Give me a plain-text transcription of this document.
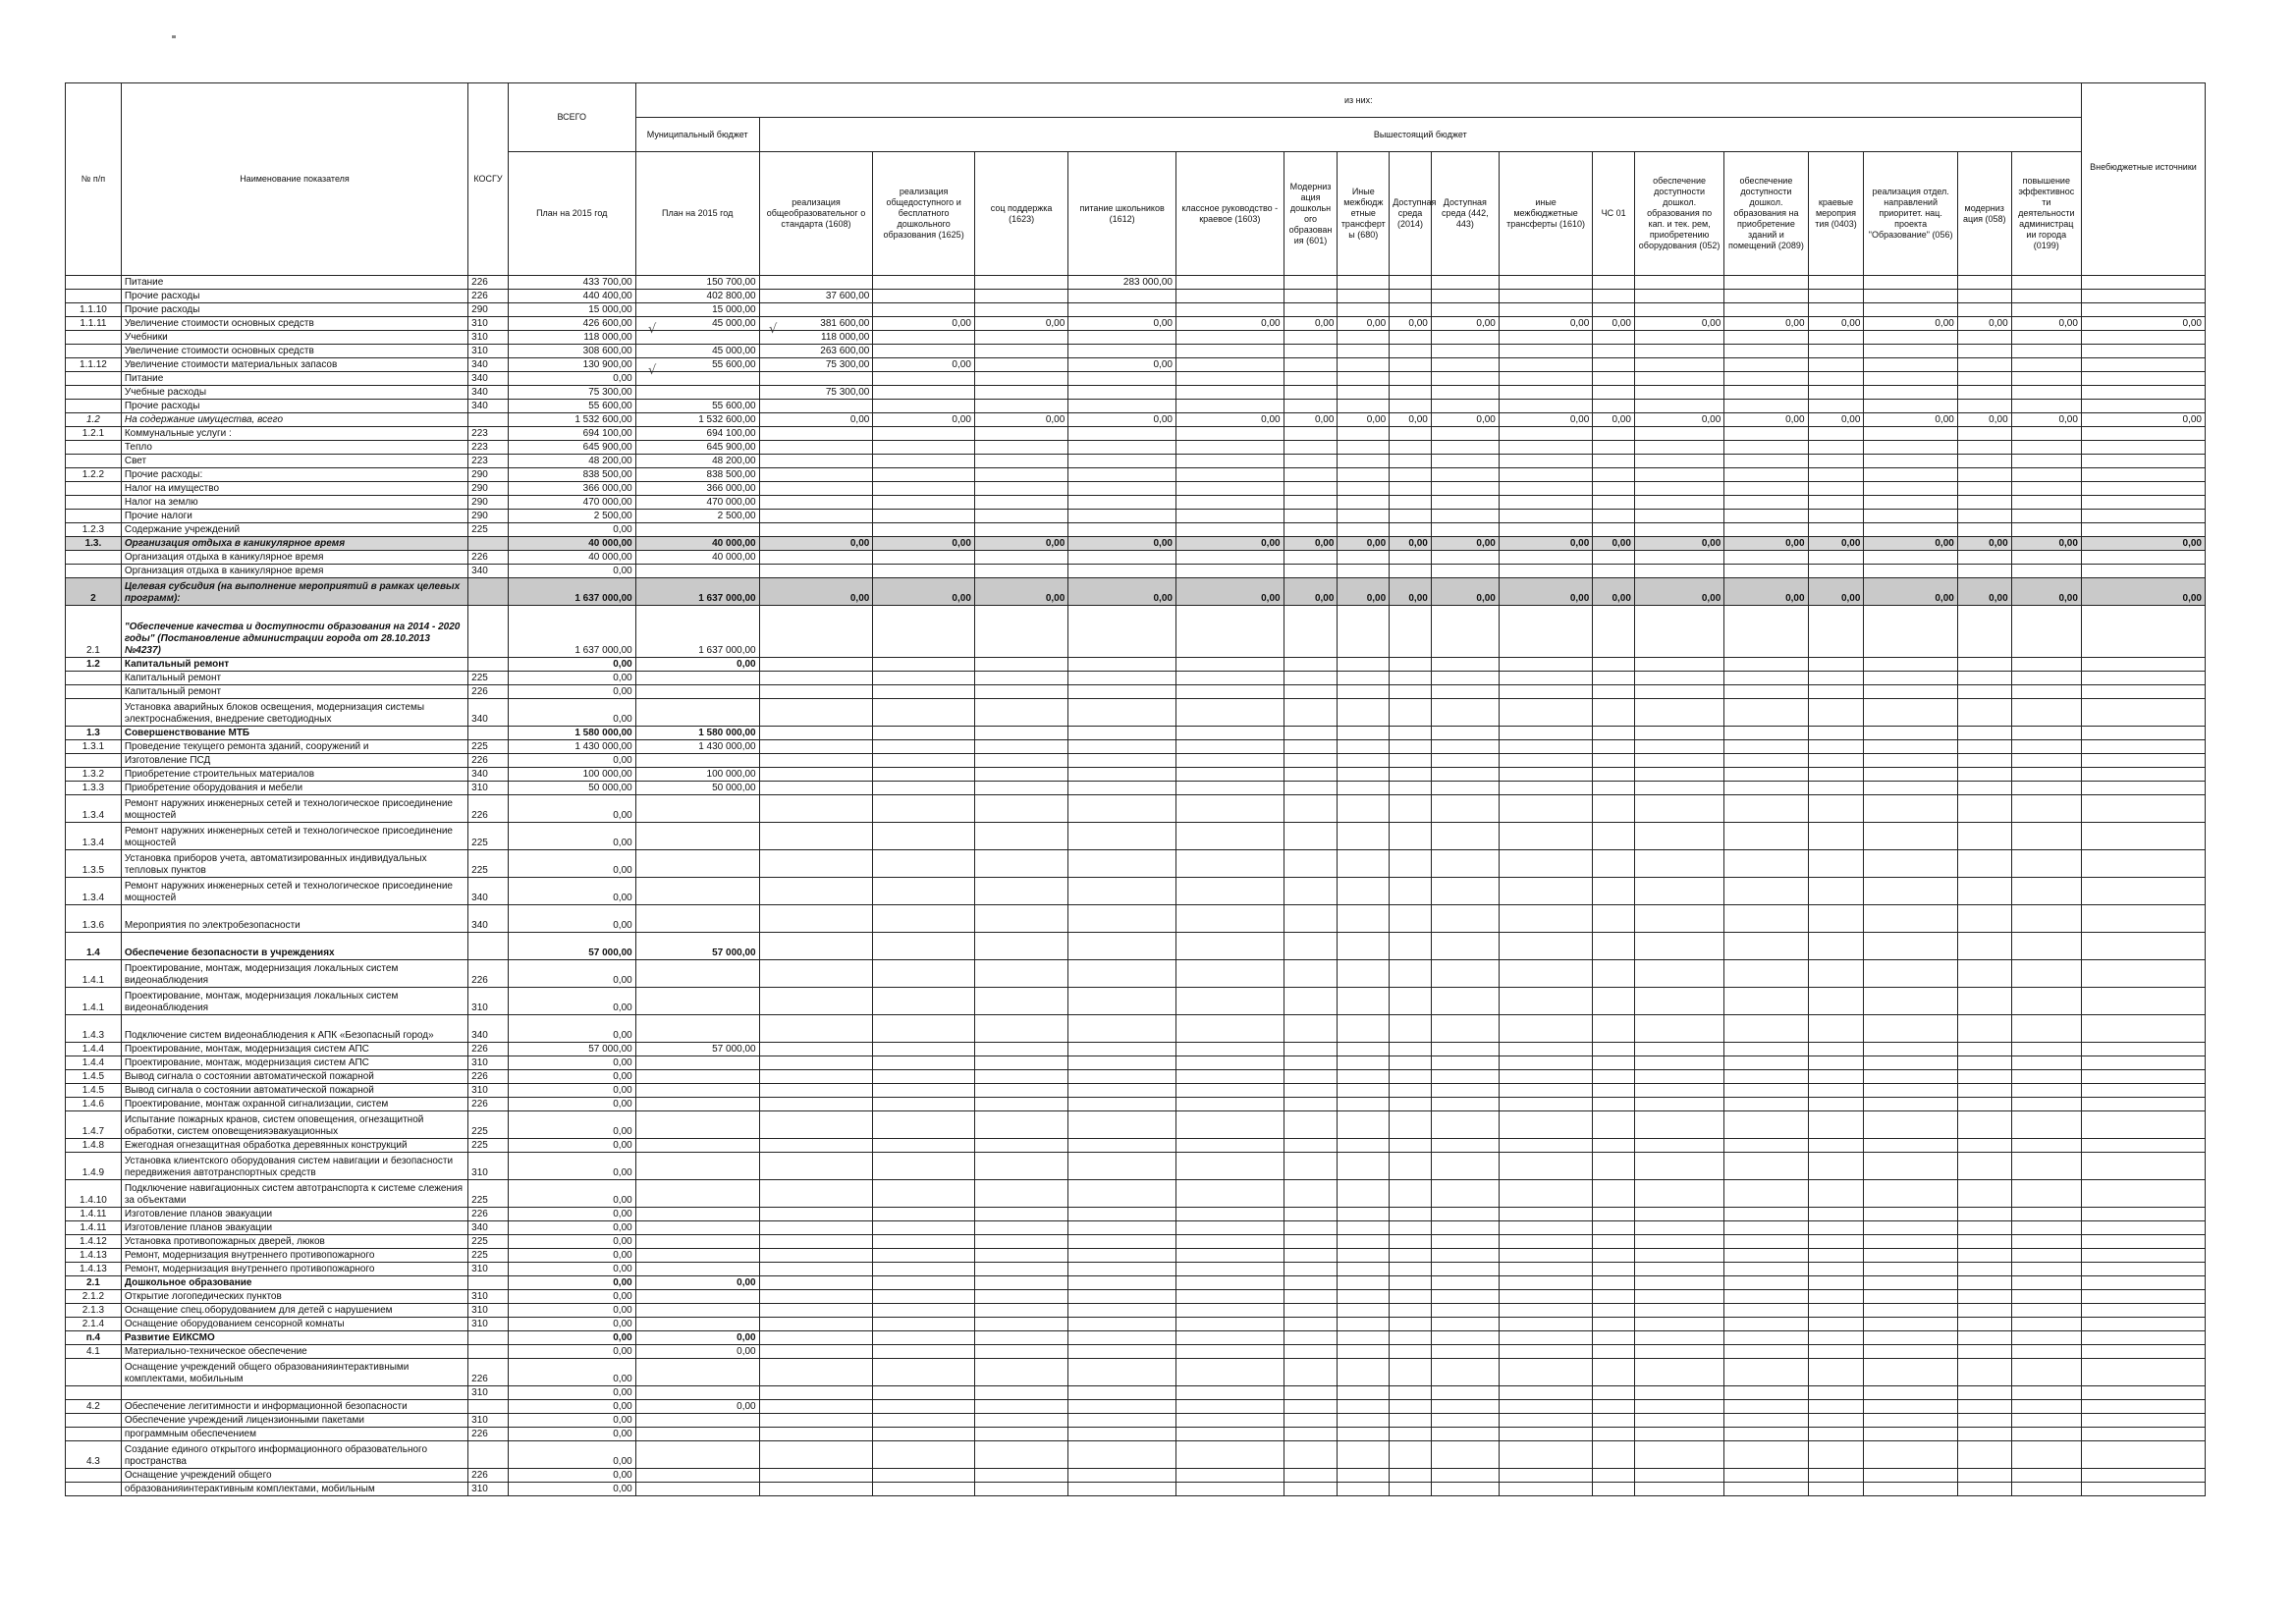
√
√
√
№ п/п	Наименование показателя	КОСГУ	ВСЕГО	из них:																		Внебюджетные источники
				Муниципальный бюджет	Вышестоящий бюджет																	
			План на 2015 год	План на 2015 год	реализация общеобразовательног о стандарта (1608)	реализация общедоступного и бесплатного дошкольного образования (1625)	соц поддержка (1623)	питание школьников (1612)	классное руководство - краевое (1603)	Модерниз ация дошкольн ого образован ия (601)	Иные межбюдж етные трансферт ы (680)	Доступная среда (2014)	Доступная среда (442, 443)	иные межбюджетные трансферты (1610)	ЧС 01	обеспечение доступности дошкол. образования по кап. и тек. рем, приобретению оборудования (052)	обеспечение доступности дошкол. образования на приобретение зданий и помещений (2089)	краевые мероприя тия (0403)	реализация отдел. направлений приоритет. нац. проекта "Образование" (056)	модерниз ация (058)	повышение эффективнос ти деятельности администрац ии города (0199)	
	Питание	226	433 700,00	150 700,00				283 000,00														
	Прочие расходы	226	440 400,00	402 800,00	37 600,00																	
1.1.10	Прочие расходы	290	15 000,00	15 000,00																		
1.1.11	Увеличение стоимости основных средств	310	426 600,00	45 000,00	381 600,00	0,00	0,00	0,00	0,00	0,00	0,00	0,00	0,00	0,00	0,00	0,00	0,00	0,00	0,00	0,00	0,00	0,00
	Учебники	310	118 000,00		118 000,00																	
	Увеличение стоимости основных средств	310	308 600,00	45 000,00	263 600,00																	
1.1.12	Увеличение стоимости материальных запасов	340	130 900,00	55 600,00	75 300,00	0,00		0,00														
	Питание	340	0,00																			
	Учебные расходы	340	75 300,00		75 300,00																	
	Прочие расходы	340	55 600,00	55 600,00																		
1.2	На содержание имущества, всего		1 532 600,00	1 532 600,00	0,00	0,00	0,00	0,00	0,00	0,00	0,00	0,00	0,00	0,00	0,00	0,00	0,00	0,00	0,00	0,00	0,00	0,00
1.2.1	Коммунальные услуги :	223	694 100,00	694 100,00																		
	Тепло	223	645 900,00	645 900,00																		
	Свет	223	48 200,00	48 200,00																		
1.2.2	Прочие расходы:	290	838 500,00	838 500,00																		
	Налог на имущество	290	366 000,00	366 000,00																		
	Налог на землю	290	470 000,00	470 000,00																		
	Прочие налоги	290	2 500,00	2 500,00																		
1.2.3	Содержание учреждений	225	0,00																			
1.3.	Организация отдыха в каникулярное время		40 000,00	40 000,00	0,00	0,00	0,00	0,00	0,00	0,00	0,00	0,00	0,00	0,00	0,00	0,00	0,00	0,00	0,00	0,00	0,00	0,00
	Организация отдыха в каникулярное время	226	40 000,00	40 000,00																		
	Организация отдыха в каникулярное время	340	0,00																			
2	Целевая субсидия (на выполнение мероприятий в рамках целевых программ):		1 637 000,00	1 637 000,00	0,00	0,00	0,00	0,00	0,00	0,00	0,00	0,00	0,00	0,00	0,00	0,00	0,00	0,00	0,00	0,00	0,00	0,00
2.1	"Обеспечение качества и доступности образования на 2014 - 2020 годы" (Постановление администрации города от 28.10.2013 №4237)		1 637 000,00	1 637 000,00																		
1.2	Капитальный ремонт		0,00	0,00																		
	Капитальный ремонт	225	0,00																			
	Капитальный ремонт	226	0,00																			
	Установка аварийных блоков освещения, модернизация системы электроснабжения, внедрение светодиодных	340	0,00																			
1.3	Совершенствование МТБ		1 580 000,00	1 580 000,00																		
1.3.1	Проведение текущего ремонта зданий, сооружений и	225	1 430 000,00	1 430 000,00																		
	Изготовление ПСД	226	0,00																			
1.3.2	Приобретение строительных материалов	340	100 000,00	100 000,00																		
1.3.3	Приобретение оборудования и мебели	310	50 000,00	50 000,00																		
1.3.4	Ремонт наружних инженерных сетей и технологическое присоединение мощностей	226	0,00																			
1.3.4	Ремонт наружних инженерных сетей и технологическое присоединение мощностей	225	0,00																			
1.3.5	Установка приборов учета, автоматизированных индивидуальных тепловых пунктов	225	0,00																			
1.3.4	Ремонт наружних инженерных сетей и технологическое присоединение мощностей	340	0,00																			
1.3.6	Мероприятия по электробезопасности	340	0,00																			
1.4	Обеспечение безопасности в учреждениях		57 000,00	57 000,00																		
1.4.1	Проектирование, монтаж, модернизация локальных систем видеонаблюдения	226	0,00																			
1.4.1	Проектирование, монтаж, модернизация локальных систем видеонаблюдения	310	0,00																			
1.4.3	Подключение систем видеонаблюдения к АПК «Безопасный город»	340	0,00																			
1.4.4	Проектирование, монтаж, модернизация систем АПС	226	57 000,00	57 000,00																		
1.4.4	Проектирование, монтаж, модернизация систем АПС	310	0,00																			
1.4.5	Вывод сигнала о состоянии автоматической пожарной	226	0,00																			
1.4.5	Вывод сигнала о состоянии автоматической пожарной	310	0,00																			
1.4.6	Проектирование, монтаж охранной сигнализации, систем	226	0,00																			
1.4.7	Испытание пожарных кранов, систем оповещения, огнезащитной обработки, систем оповещенияэвакуационных	225	0,00																			
1.4.8	Ежегодная огнезащитная обработка деревянных конструкций	225	0,00																			
1.4.9	Установка клиентского оборудования систем навигации и безопасности передвижения автотранспортных средств	310	0,00																			
1.4.10	Подключение навигационных систем автотранспорта к системе слежения за объектами	225	0,00																			
1.4.11	Изготовление планов эвакуации	226	0,00																			
1.4.11	Изготовление планов эвакуации	340	0,00																			
1.4.12	Установка противопожарных дверей, люков	225	0,00																			
1.4.13	Ремонт, модернизация внутреннего противопожарного	225	0,00																			
1.4.13	Ремонт, модернизация внутреннего противопожарного	310	0,00																			
2.1	Дошкольное образование		0,00	0,00																		
2.1.2	Открытие логопедических пунктов	310	0,00																			
2.1.3	Оснащение спец.оборудованием для детей с нарушением	310	0,00																			
2.1.4	Оснащение оборудованием сенсорной комнаты	310	0,00																			
п.4	Развитие ЕИКСМО		0,00	0,00																		
4.1	Материально-техническое обеспечение		0,00	0,00																		
	Оснащение учреждений общего образованияинтерактивными комплектами, мобильным	226	0,00																			
		310	0,00																			
4.2	Обеспечение легитимности и информационной безопасности		0,00	0,00																		
	Обеспечение учреждений лицензионными пакетами	310	0,00																			
	программным обеспечением	226	0,00																			
4.3	Создание единого открытого информационного образовательного пространства		0,00																			
	Оснащение учреждений общего	226	0,00																			
	образованияинтерактивным комплектами, мобильным	310	0,00																			
